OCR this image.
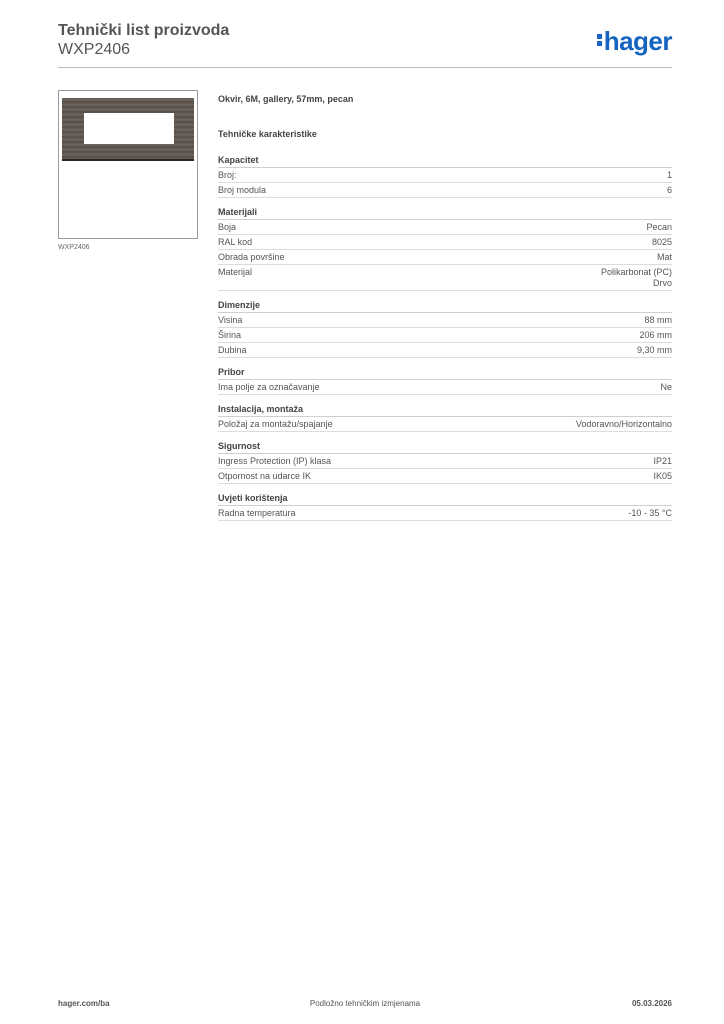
Tehnički list proizvoda
WXP2406	hager
WXP2406
Okvir, 6M, gallery, 57mm, pecan
Tehničke karakteristike
Kapacitet
Broj:	1
Broj modula	6
Materijali
Boja	Pecan
RAL kod	8025
Obrada površine	Mat
Materijal	Polikarbonat (PC)
Drvo
Dimenzije
Visina	88 mm
Širina	206 mm
Dubina	9,30 mm
Pribor
Ima polje za označavanje	Ne
Instalacija, montaža
Položaj za montažu/spajanje	Vodoravno/Horizontalno
Sigurnost
Ingress Protection (IP) klasa	IP21
Otpornost na udarce IK	IK05
Uvjeti korištenja
Radna temperatura	-10 - 35 °C
hager.com/ba	Podložno tehničkim izmjenama	05.03.2026
